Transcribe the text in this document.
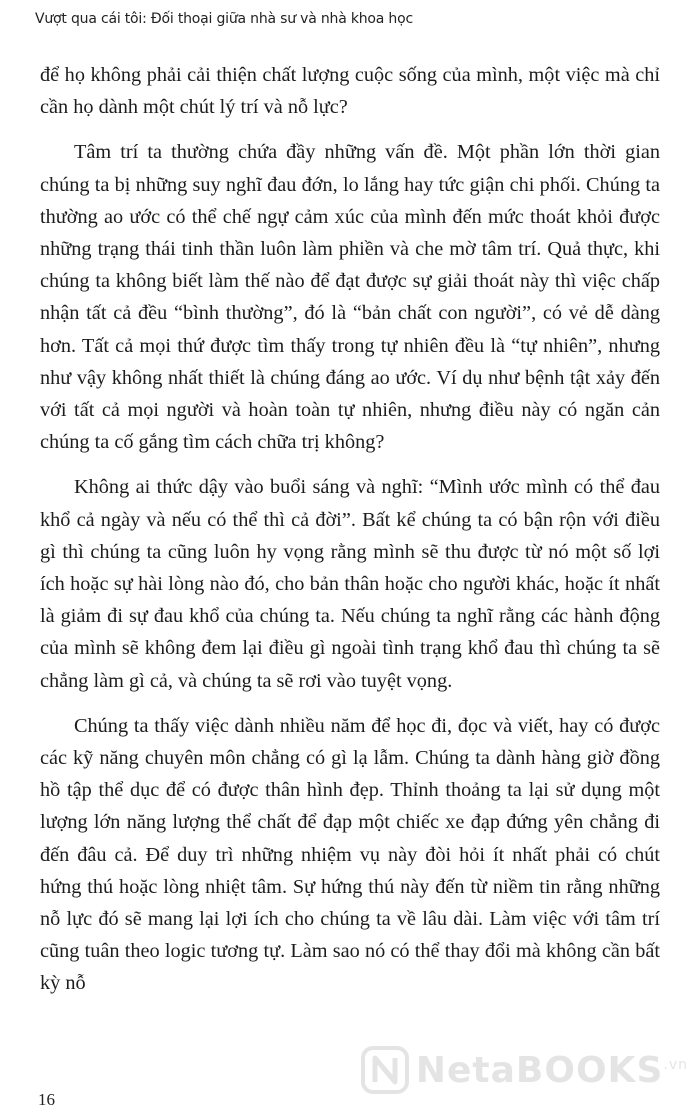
Vượt qua cái tôi: Đối thoại giữa nhà sư và nhà khoa học

để họ không phải cải thiện chất lượng cuộc sống của mình, một việc mà chỉ cần họ dành một chút lý trí và nỗ lực?

Tâm trí ta thường chứa đầy những vấn đề. Một phần lớn thời gian chúng ta bị những suy nghĩ đau đớn, lo lắng hay tức giận chi phối. Chúng ta thường ao ước có thể chế ngự cảm xúc của mình đến mức thoát khỏi được những trạng thái tinh thần luôn làm phiền và che mờ tâm trí. Quả thực, khi chúng ta không biết làm thế nào để đạt được sự giải thoát này thì việc chấp nhận tất cả đều “bình thường”, đó là “bản chất con người”, có vẻ dễ dàng hơn. Tất cả mọi thứ được tìm thấy trong tự nhiên đều là “tự nhiên”, nhưng như vậy không nhất thiết là chúng đáng ao ước. Ví dụ như bệnh tật xảy đến với tất cả mọi người và hoàn toàn tự nhiên, nhưng điều này có ngăn cản chúng ta cố gắng tìm cách chữa trị không?

Không ai thức dậy vào buổi sáng và nghĩ: “Mình ước mình có thể đau khổ cả ngày và nếu có thể thì cả đời”. Bất kể chúng ta có bận rộn với điều gì thì chúng ta cũng luôn hy vọng rằng mình sẽ thu được từ nó một số lợi ích hoặc sự hài lòng nào đó, cho bản thân hoặc cho người khác, hoặc ít nhất là giảm đi sự đau khổ của chúng ta. Nếu chúng ta nghĩ rằng các hành động của mình sẽ không đem lại điều gì ngoài tình trạng khổ đau thì chúng ta sẽ chẳng làm gì cả, và chúng ta sẽ rơi vào tuyệt vọng.

Chúng ta thấy việc dành nhiều năm để học đi, đọc và viết, hay có được các kỹ năng chuyên môn chẳng có gì lạ lẫm. Chúng ta dành hàng giờ đồng hồ tập thể dục để có được thân hình đẹp. Thỉnh thoảng ta lại sử dụng một lượng lớn năng lượng thể chất để đạp một chiếc xe đạp đứng yên chẳng đi đến đâu cả. Để duy trì những nhiệm vụ này đòi hỏi ít nhất phải có chút hứng thú hoặc lòng nhiệt tâm. Sự hứng thú này đến từ niềm tin rằng những nỗ lực đó sẽ mang lại lợi ích cho chúng ta về lâu dài. Làm việc với tâm trí cũng tuân theo logic tương tự. Làm sao nó có thể thay đổi mà không cần bất kỳ nỗ

16
NetaBOOKS$^{.vn}$
